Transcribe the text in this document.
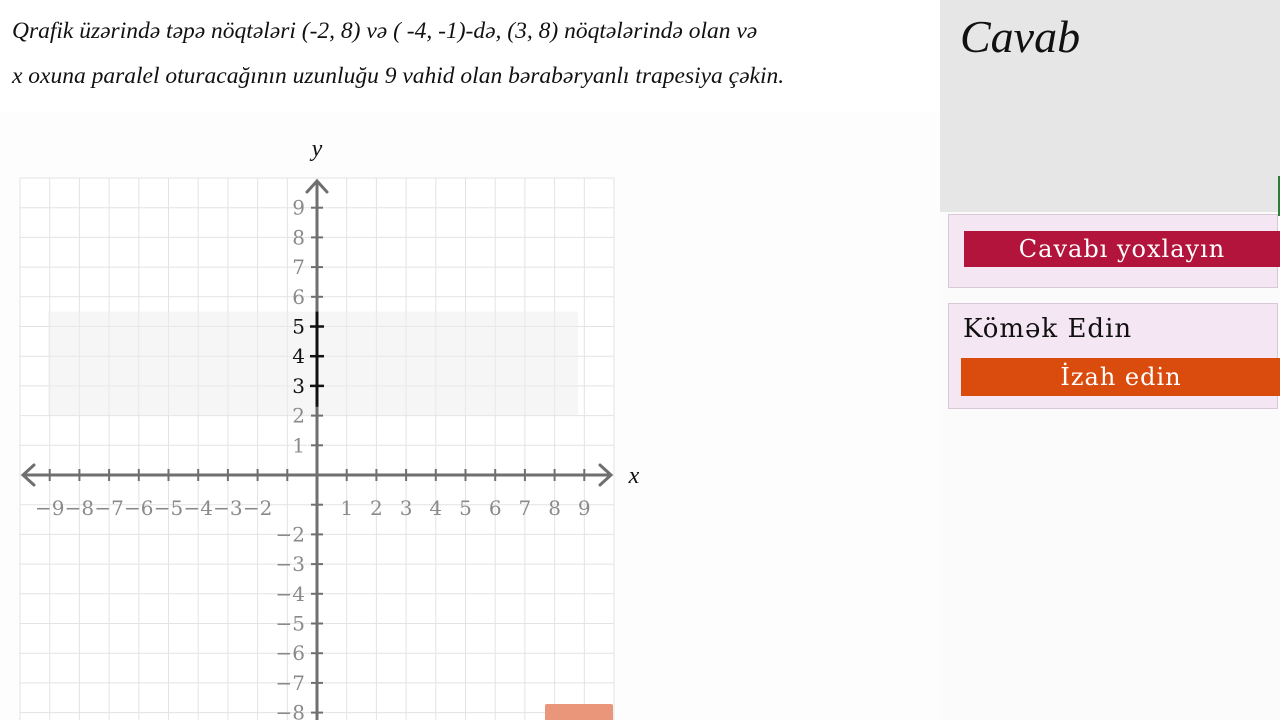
Qrafik üzərində təpə nöqtələri (-2, 8) və ( -4, -1)-də, (3, 8) nöqtələrində olan və
x oxuna paralel oturacağının uzunluğu 9 vahid olan bərabəryanlı trapesiya çəkin.
−9 −8 −7 −6 −5 −4 −3 −2	1 2 3 4 5 6 7 8 9
9
8
7
6
5
4
3
2
1
−2
−3
−4
−5
−6
−7
−8
x
y
Cavab
Cavabı yoxlayın
Kömək Edin
İzah edin
